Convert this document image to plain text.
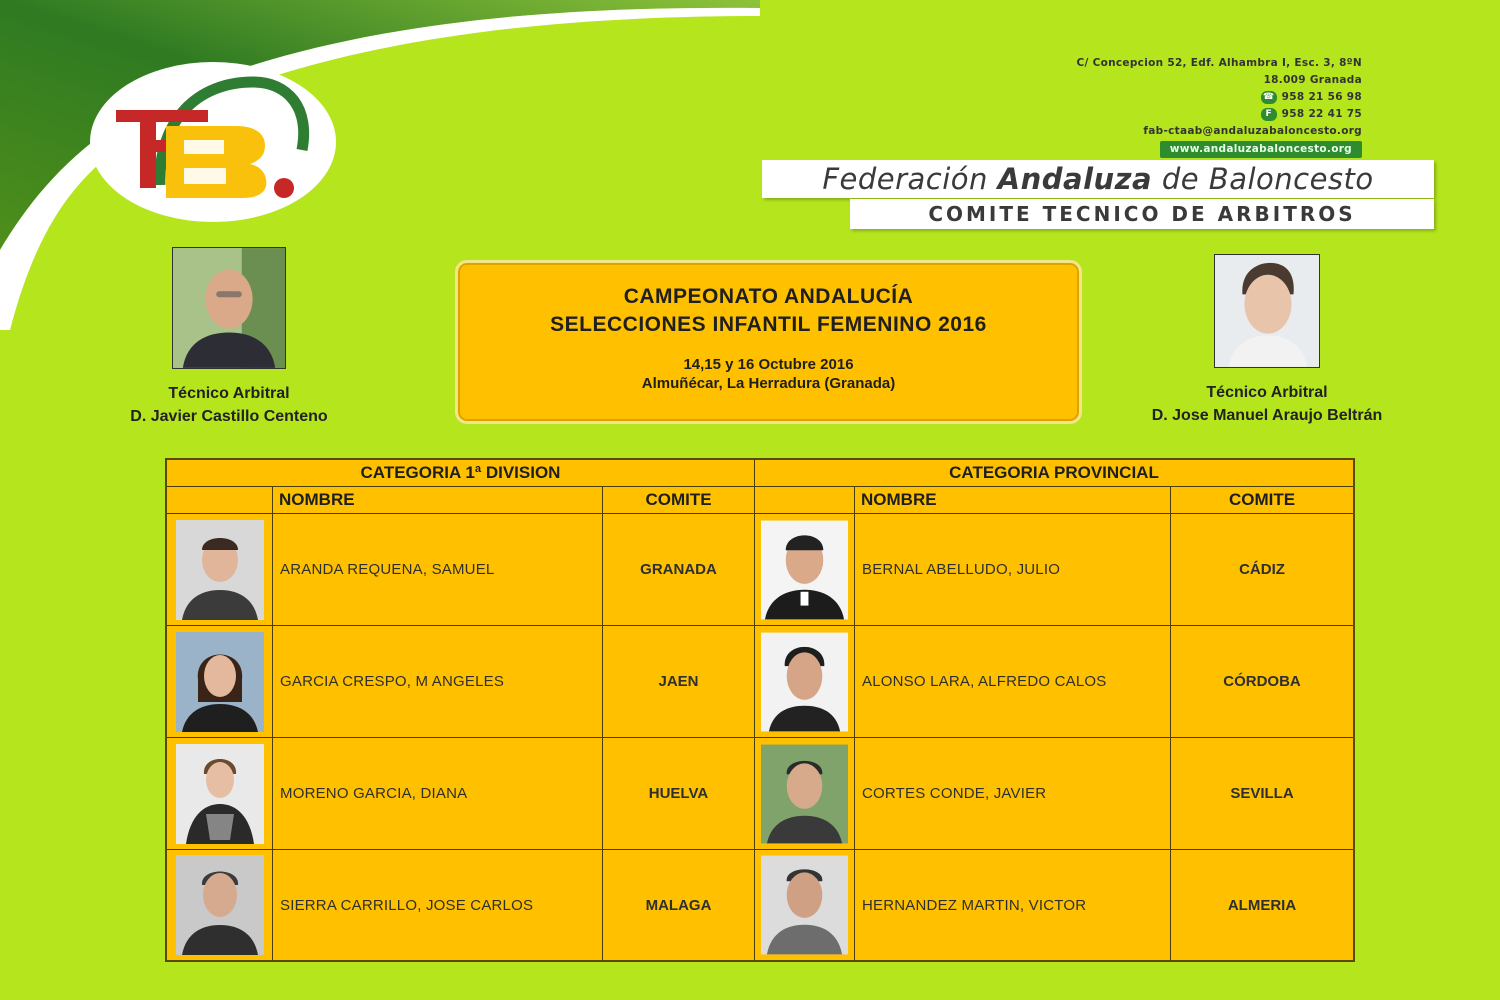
C/ Concepcion 52, Edf. Alhambra I, Esc. 3, 8ºN
18.009 Granada
☎ 958 21 56 98
F 958 22 41 75
fab-ctaab@andaluzabaloncesto.org
www.andaluzabaloncesto.org
Federación Andaluza de Baloncesto
COMITE TECNICO DE ARBITROS
Técnico Arbitral
D. Javier Castillo Centeno
Técnico Arbitral
D. Jose Manuel Araujo Beltrán
CAMPEONATO ANDALUCÍA
SELECCIONES INFANTIL FEMENINO 2016
14,15 y 16 Octubre 2016
Almuñécar, La Herradura (Granada)
CATEGORIA 1ª DIVISION	CATEGORIA PROVINCIAL
NOMBRE	COMITE	NOMBRE	COMITE
ARANDA REQUENA, SAMUEL	GRANADA	BERNAL ABELLUDO, JULIO	CÁDIZ
GARCIA CRESPO, M ANGELES	JAEN	ALONSO LARA, ALFREDO CALOS	CÓRDOBA
MORENO GARCIA, DIANA	HUELVA	CORTES CONDE, JAVIER	SEVILLA
SIERRA CARRILLO, JOSE CARLOS	MALAGA	HERNANDEZ MARTIN, VICTOR	ALMERIA
